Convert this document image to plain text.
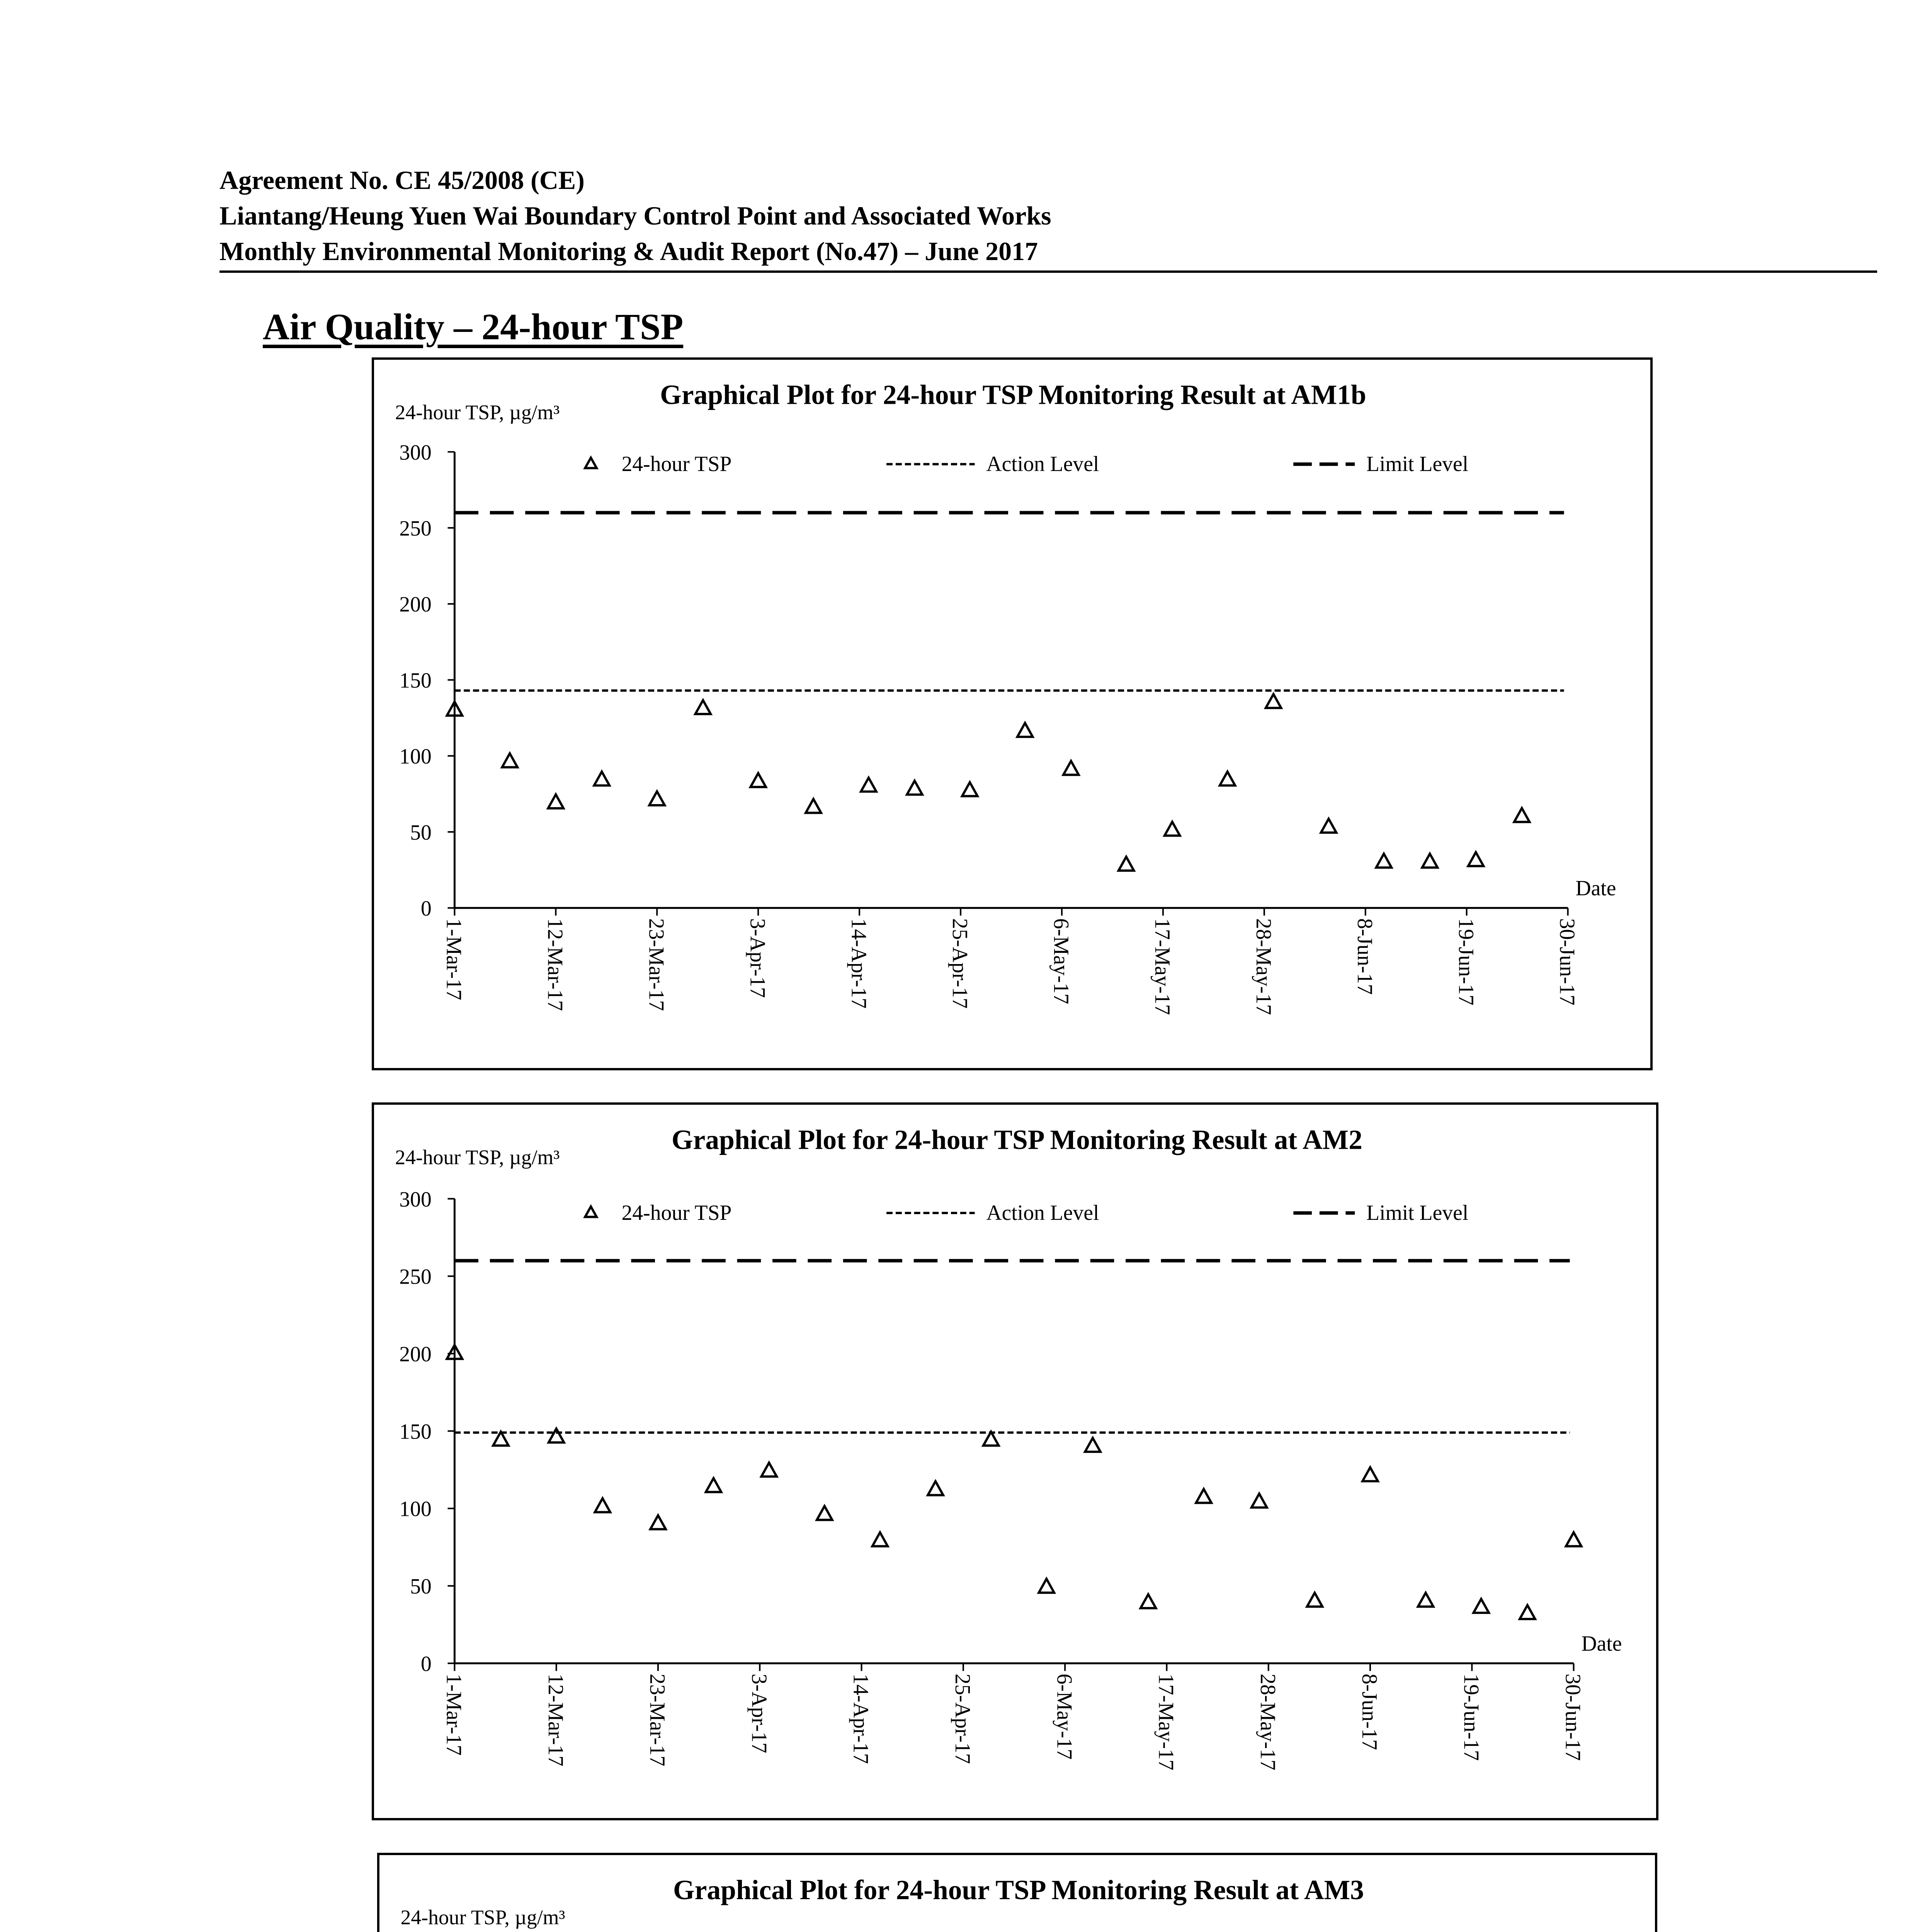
Agreement No. CE 45/2008 (CE)
Liantang/Heung Yuen Wai Boundary Control Point and Associated Works
Monthly Environmental Monitoring & Audit Report (No.47) – June 2017
Air Quality – 24-hour TSP
Graphical Plot for 24-hour TSP Monitoring Result at AM1b
24-hour TSP, µg/m³
0
50
100
150
200
250
300
1-Mar-17	12-Mar-17	23-Mar-17	3-Apr-17	14-Apr-17	25-Apr-17	6-May-17	17-May-17	28-May-17	8-Jun-17	19-Jun-17	30-Jun-17
Date
24-hour TSP	Action Level	Limit Level
Graphical Plot for 24-hour TSP Monitoring Result at AM2
24-hour TSP, µg/m³
0
50
100
150
200
250
300
1-Mar-17	12-Mar-17	23-Mar-17	3-Apr-17	14-Apr-17	25-Apr-17	6-May-17	17-May-17	28-May-17	8-Jun-17	19-Jun-17	30-Jun-17
Date
24-hour TSP	Action Level	Limit Level
Graphical Plot for 24-hour TSP Monitoring Result at AM3
24-hour TSP, µg/m³
